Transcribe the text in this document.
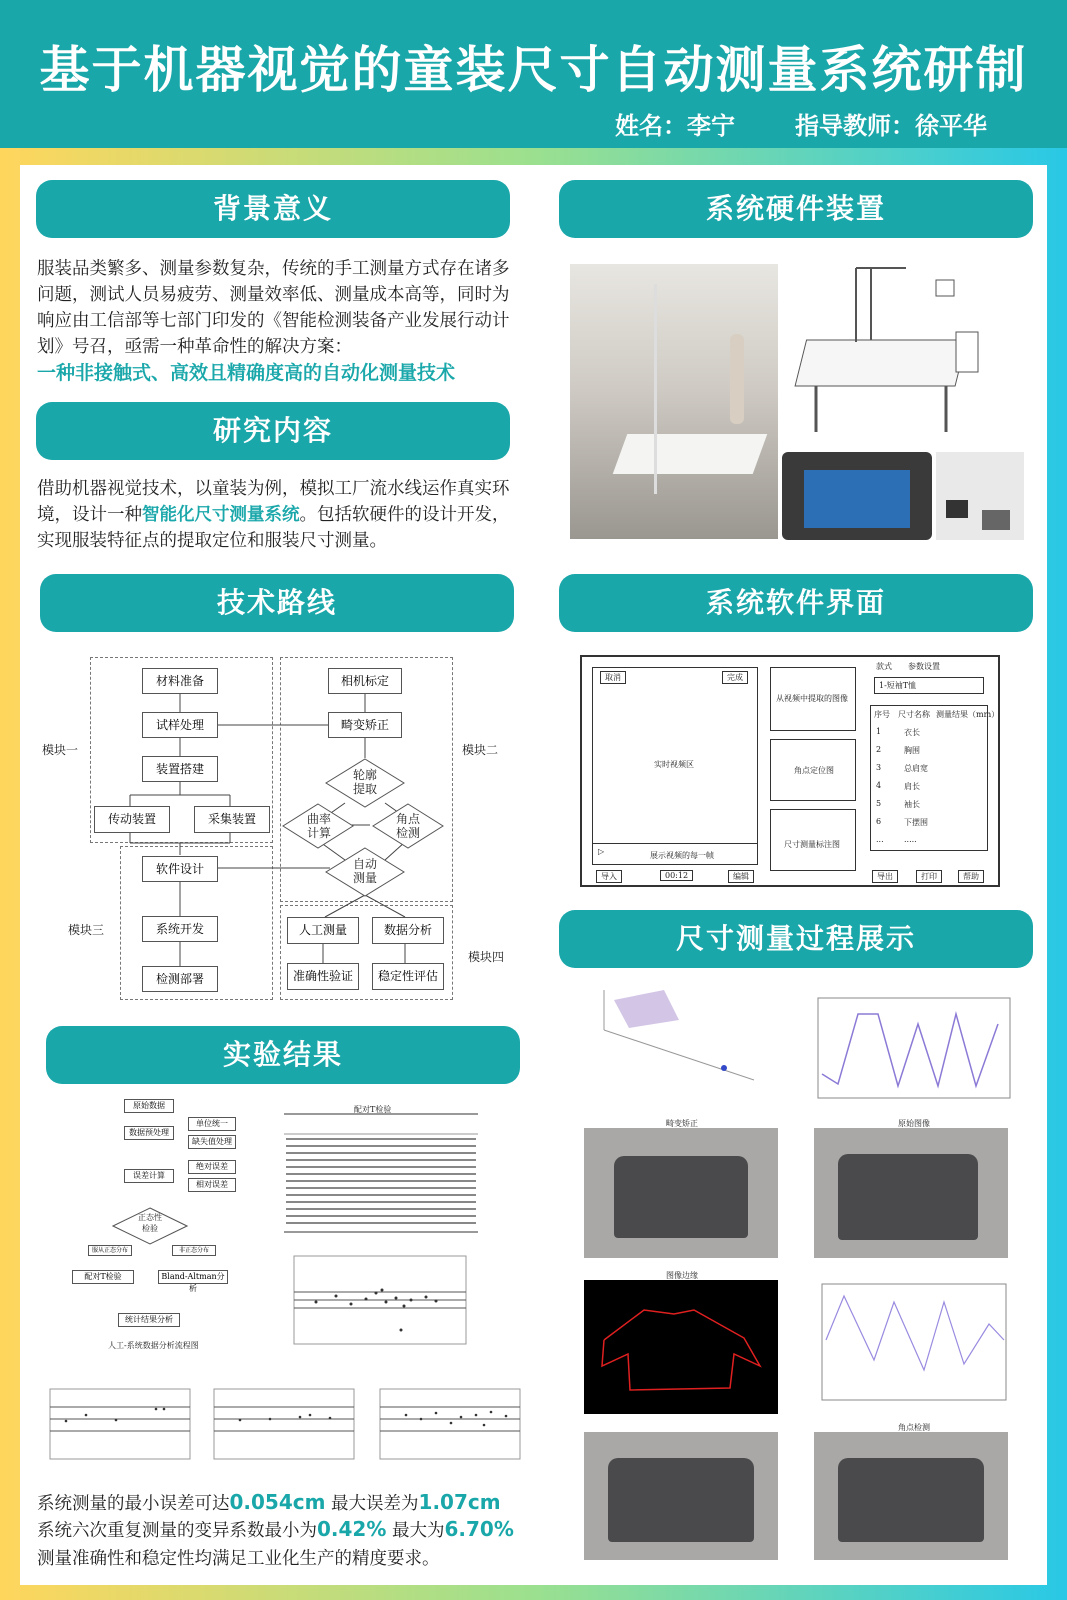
基于机器视觉的童装尺寸自动测量系统研制
姓名：李宁	指导教师：徐平华
背景意义
服装品类繁多、测量参数复杂，传统的手工测量方式存在诸多问题，测试人员易疲劳、测量效率低、测量成本高等，同时为响应由工信部等七部门印发的《智能检测装备产业发展行动计划》号召，亟需一种革命性的解决方案：
一种非接触式、高效且精确度高的自动化测量技术
研究内容
借助机器视觉技术，以童装为例，模拟工厂流水线运作真实环境，设计一种智能化尺寸测量系统。包括软硬件的设计开发，实现服装特征点的提取定位和服装尺寸测量。
技术路线
模块一	模块二
模块三
模块四
材料准备
试样处理
装置搭建
传动装置	采集装置
相机标定
畸变矫正
轮廓提取
曲率计算
角点检测
自动测量
软件设计
系统开发
检测部署
人工测量	数据分析
准确性验证	稳定性评估
实验结果
原始数据
数据预处理
单位统一
缺失值处理
误差计算
绝对误差
相对误差
正态性检验
服从正态分布	非正态分布
配对T检验	Bland-Altman分析
统计结果分析
人工-系统数据分析流程图
配对T检验
系统测量的最小误差可达0.054cm 最大误差为1.07cm
系统六次重复测量的变异系数最小为0.42% 最大为6.70%
测量准确性和稳定性均满足工业化生产的精度要求。
系统硬件装置
系统软件界面
取消	完成
实时视频区
▷	展示视频的每一帧
导入	00:12	编辑
从视频中提取的图像
角点定位图
尺寸测量标注图
款式 参数设置
1-短袖T恤
序号 尺寸名称 测量结果（mm）
1	衣长
2	胸围
3	总肩宽
4	肩长
5	袖长
6	下摆围
...	.....
导出	打印	帮助
尺寸测量过程展示
畸变矫正	原始图像
图像边缘
角点检测
